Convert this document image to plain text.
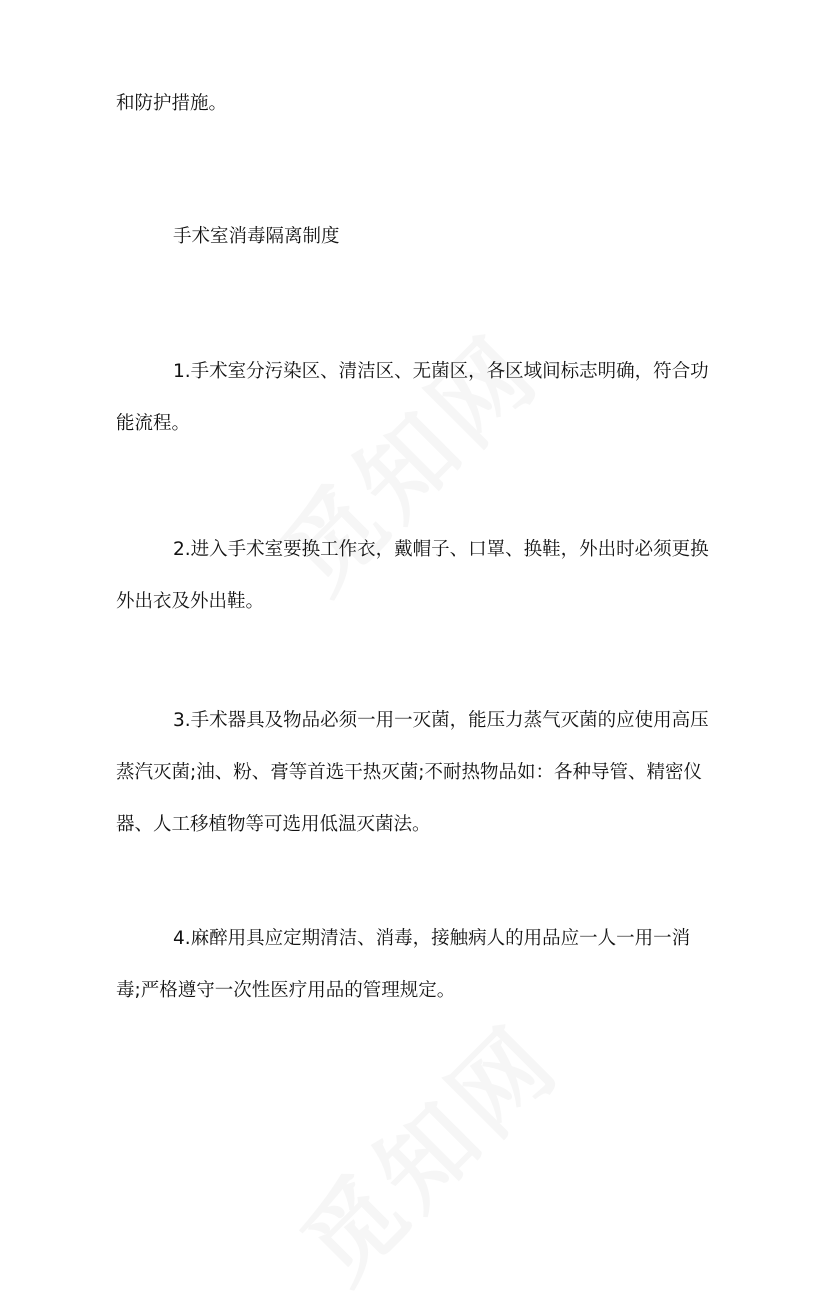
和防护措施。
手术室消毒隔离制度
1.手术室分污染区、清洁区、无菌区，各区域间标志明确，符合功能流程。
2.进入手术室要换工作衣，戴帽子、口罩、换鞋，外出时必须更换外出衣及外出鞋。
3.手术器具及物品必须一用一灭菌，能压力蒸气灭菌的应使用高压蒸汽灭菌;油、粉、膏等首选干热灭菌;不耐热物品如：各种导管、精密仪器、人工移植物等可选用低温灭菌法。
4.麻醉用具应定期清洁、消毒，接触病人的用品应一人一用一消毒;严格遵守一次性医疗用品的管理规定。
